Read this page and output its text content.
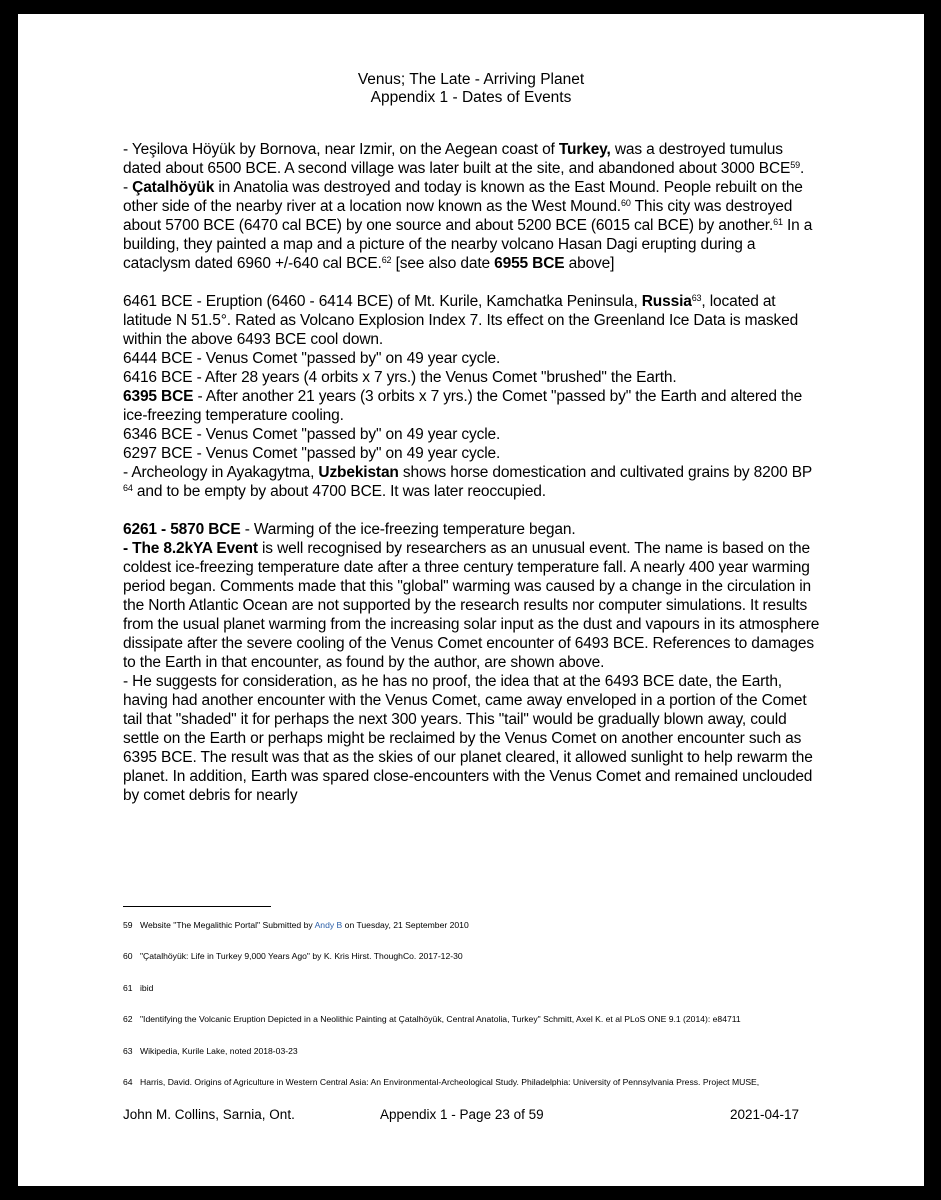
Venus; The Late - Arriving Planet
Appendix 1 - Dates of Events

- Yeşilova Höyük by Bornova, near Izmir, on the Aegean coast of Turkey, was a destroyed tumulus dated about 6500 BCE. A second village was later built at the site, and abandoned about 3000 BCE$^{59}$.

- Çatalhöyük in Anatolia was destroyed and today is known as the East Mound. People rebuilt on the other side of the nearby river at a location now known as the West Mound.$^{60}$ This city was destroyed about 5700 BCE (6470 cal BCE) by one source and about 5200 BCE (6015 cal BCE) by another.$^{61}$ In a building, they painted a map and a picture of the nearby volcano Hasan Dagi erupting during a cataclysm dated 6960 +/-640 cal BCE.$^{62}$ [see also date 6955 BCE above]

6461 BCE - Eruption (6460 - 6414 BCE) of Mt. Kurile, Kamchatka Peninsula, Russia$^{63}$, located at latitude N 51.5°. Rated as Volcano Explosion Index 7. Its effect on the Greenland Ice Data is masked within the above 6493 BCE cool down.

6444 BCE - Venus Comet "passed by" on 49 year cycle.

6416 BCE - After 28 years (4 orbits x 7 yrs.) the Venus Comet "brushed" the Earth.

6395 BCE - After another 21 years (3 orbits x 7 yrs.) the Comet "passed by" the Earth and altered the ice-freezing temperature cooling.

6346 BCE - Venus Comet "passed by" on 49 year cycle.

6297 BCE - Venus Comet "passed by" on 49 year cycle.

- Archeology in Ayakagytma, Uzbekistan shows horse domestication and cultivated grains by 8200 BP $^{64}$ and to be empty by about 4700 BCE. It was later reoccupied.

6261 - 5870 BCE - Warming of the ice-freezing temperature began.

- The 8.2kYA Event is well recognised by researchers as an unusual event. The name is based on the coldest ice-freezing temperature date after a three century temperature fall. A nearly 400 year warming period began. Comments made that this "global" warming was caused by a change in the circulation in the North Atlantic Ocean are not supported by the research results nor computer simulations. It results from the usual planet warming from the increasing solar input as the dust and vapours in its atmosphere dissipate after the severe cooling of the Venus Comet encounter of 6493 BCE. References to damages to the Earth in that encounter, as found by the author, are shown above.

- He suggests for consideration, as he has no proof, the idea that at the 6493 BCE date, the Earth, having had another encounter with the Venus Comet, came away enveloped in a portion of the Comet tail that "shaded" it for perhaps the next 300 years. This "tail" would be gradually blown away, could settle on the Earth or perhaps might be reclaimed by the Venus Comet on another encounter such as 6395 BCE. The result was that as the skies of our planet cleared, it allowed sunlight to help rewarm the planet. In addition, Earth was spared close-encounters with the Venus Comet and remained unclouded by comet debris for nearly

59 Website "The Megalithic Portal" Submitted by Andy B on Tuesday, 21 September 2010
60 "Çatalhöyük: Life in Turkey 9,000 Years Ago" by K. Kris Hirst. ThoughCo. 2017-12-30
61 ibid
62 "Identifying the Volcanic Eruption Depicted in a Neolithic Painting at Çatalhöyük, Central Anatolia, Turkey" Schmitt, Axel K. et al PLoS ONE 9.1 (2014): e84711
63 Wikipedia, Kurile Lake, noted 2018-03-23
64 Harris, David. Origins of Agriculture in Western Central Asia: An Environmental-Archeological Study. Philadelphia: University of Pennsylvania Press. Project MUSE,
John M. Collins, Sarnia, Ont.	Appendix 1 - Page 23 of 59	2021-04-17
